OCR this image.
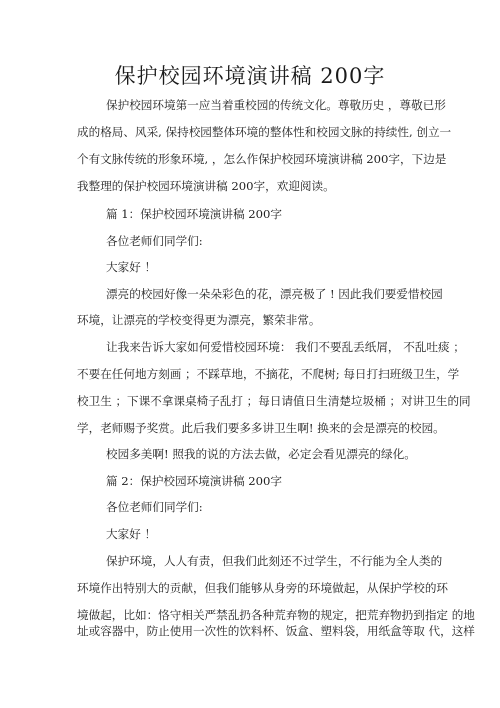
保护校园环境演讲稿 200字
保护校园环境第一应当着重校园的传统文化。尊敬历史 ，尊敬已形
成的格局、风采, 保持校园整体环境的整体性和校园文脉的持续性, 创立一
个有文脉传统的形象环境, ，怎么作保护校园环境演讲稿 200字，下边是
我整理的保护校园环境演讲稿 200字，欢迎阅读。
篇 1：保护校园环境演讲稿 200字
各位老师们同学们:
大家好 ！
漂亮的校园好像一朵朵彩色的花，漂亮极了 ! 因此我们要爱惜校园
环境，让漂亮的学校变得更为漂亮，繁荣非常。
让我来告诉大家如何爱惜校园环境： 我们不要乱丢纸屑， 不乱吐痰 ；
不要在任何地方刻画 ；不踩草地，不摘花，不爬树; 每日打扫班级卫生，学
校卫生 ；下课不拿课桌椅子乱打 ；每日请值日生清楚垃圾桶 ；对讲卫生的同
学，老师赐予奖赏。此后我们要多多讲卫生啊! 换来的会是漂亮的校园。
校园多美啊! 照我的说的方法去做，必定会看见漂亮的绿化。
篇 2：保护校园环境演讲稿 200字
各位老师们同学们:
大家好 ！
保护环境，人人有责，但我们此刻还不过学生，不行能为全人类的
环境作出特别大的贡献，但我们能够从身旁的环境做起，从保护学校的环
境做起，比如：恪守相关严禁乱扔各种荒弃物的规定，把荒弃物扔到指定 的地
址或容器中，防止使用一次性的饮料杯、饭盒、塑料袋，用纸盒等取 代，这样
